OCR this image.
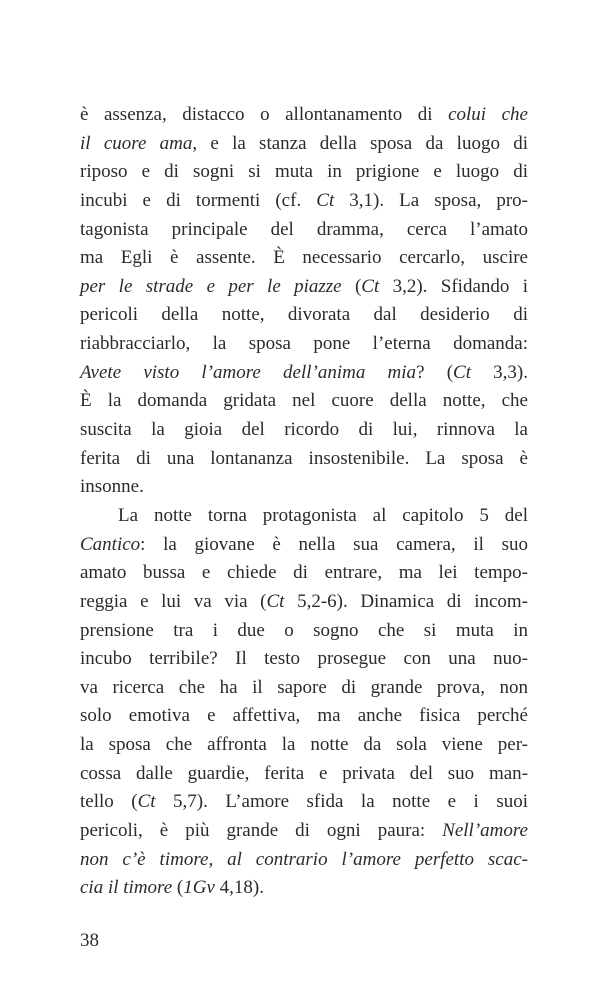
è assenza, distacco o allontanamento di colui che
il cuore ama, e la stanza della sposa da luogo di
riposo e di sogni si muta in prigione e luogo di
incubi e di tormenti (cf. Ct 3,1). La sposa, pro-
tagonista principale del dramma, cerca l’amato
ma Egli è assente. È necessario cercarlo, uscire
per le strade e per le piazze (Ct 3,2). Sfidando i
pericoli della notte, divorata dal desiderio di
riabbracciarlo, la sposa pone l’eterna domanda:
Avete visto l’amore dell’anima mia? (Ct 3,3).
È la domanda gridata nel cuore della notte, che
suscita la gioia del ricordo di lui, rinnova la
ferita di una lontananza insostenibile. La sposa è
insonne.
La notte torna protagonista al capitolo 5 del
Cantico: la giovane è nella sua camera, il suo
amato bussa e chiede di entrare, ma lei tempo-
reggia e lui va via (Ct 5,2-6). Dinamica di incom-
prensione tra i due o sogno che si muta in
incubo terribile? Il testo prosegue con una nuo-
va ricerca che ha il sapore di grande prova, non
solo emotiva e affettiva, ma anche fisica perché
la sposa che affronta la notte da sola viene per-
cossa dalle guardie, ferita e privata del suo man-
tello (Ct 5,7). L’amore sfida la notte e i suoi
pericoli, è più grande di ogni paura: Nell’amore
non c’è timore, al contrario l’amore perfetto scac-
cia il timore (1Gv 4,18).
38
